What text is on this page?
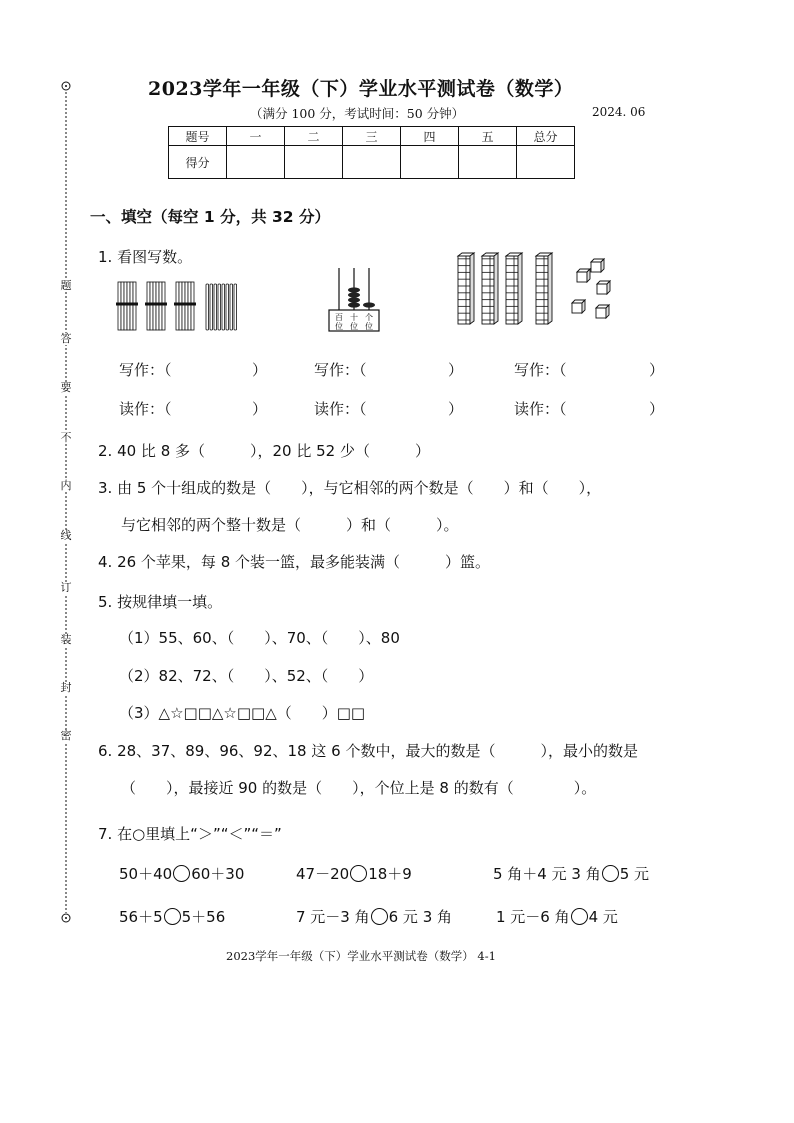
密
封
装
订
线
内
不
要
答
题
2023学年一年级（下）学业水平测试卷（数学）
（满分 100 分，考试时间：50 分钟）	2024. 06
题号	一	二	三	四	五	总分
得分						
一、填空（每空 1 分，共 32 分）
1. 看图写数。
百 十 个
位 位 位
写作：（	）	写作：（	）	写作：（	）
读作：（	）	读作：（	）	读作：（	）
2. 40 比 8 多（　　　），20 比 52 少（　　　）
3. 由 5 个十组成的数是（　　），与它相邻的两个数是（　　）和（　　），
与它相邻的两个整十数是（　　　）和（　　　）。
4. 26 个苹果，每 8 个装一篮，最多能装满（　　　）篮。
5. 按规律填一填。
（1）55、60、（　　）、70、（　　）、80
（2）82、72、（　　）、52、（　　）
（3）△☆□□△☆□□△（　　）□□
6. 28、37、89、96、92、18 这 6 个数中，最大的数是（　　　），最小的数是
（　　），最接近 90 的数是（　　），个位上是 8 的数有（　　　　）。
7. 在○里填上“＞”“＜”“＝”
50＋40 60＋30	47－20 18＋9	5 角＋4 元 3 角 5 元
56＋5 5＋56	7 元－3 角 6 元 3 角	1 元－6 角 4 元
2023学年一年级（下）学业水平测试卷（数学） 4-1
